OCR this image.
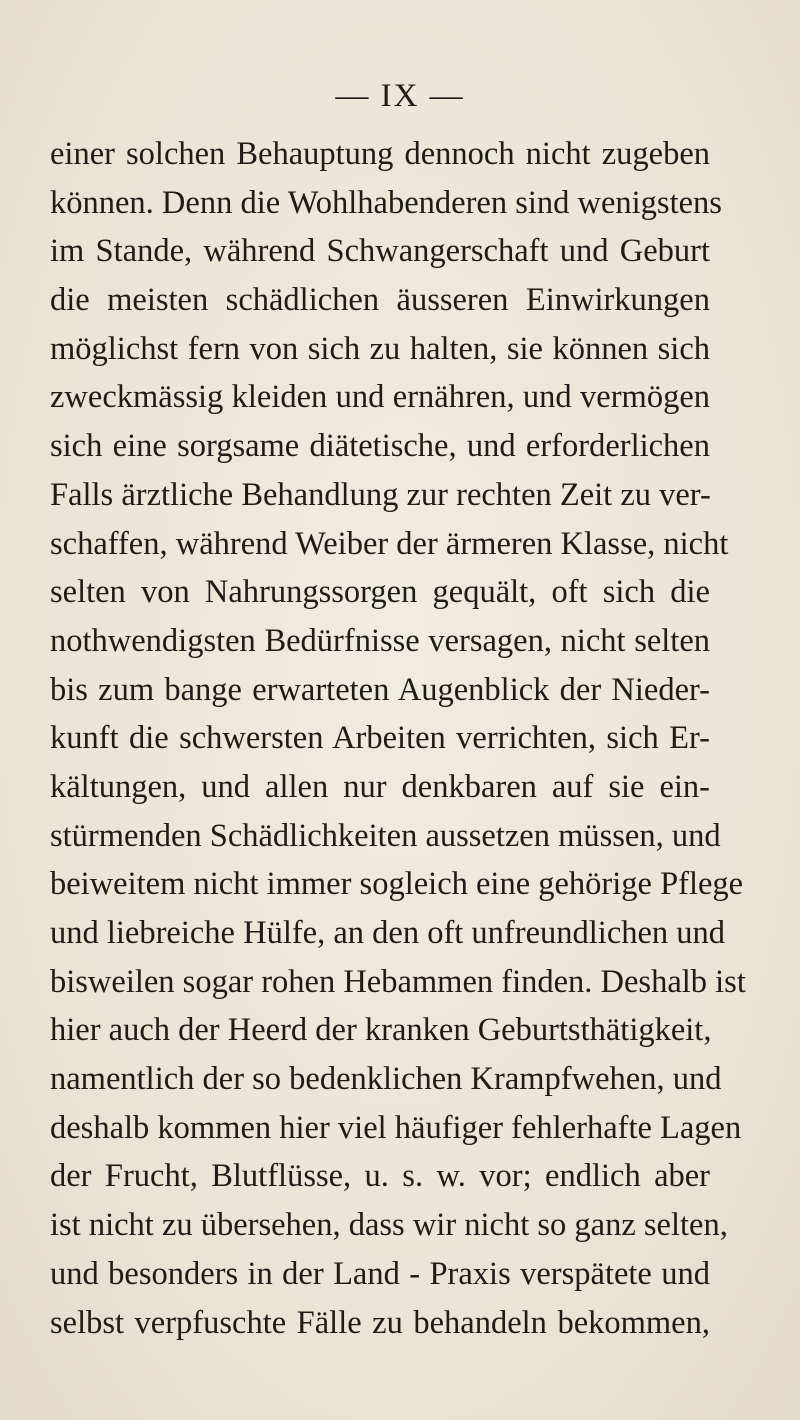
— IX —
einer solchen Behauptung dennoch nicht zugeben
können. Denn die Wohlhabenderen sind wenigstens
im Stande, während Schwangerschaft und Geburt
die meisten schädlichen äusseren Einwirkungen
möglichst fern von sich zu halten, sie können sich
zweckmässig kleiden und ernähren, und vermögen
sich eine sorgsame diätetische, und erforderlichen
Falls ärztliche Behandlung zur rechten Zeit zu ver-
schaffen, während Weiber der ärmeren Klasse, nicht
selten von Nahrungssorgen gequält, oft sich die
nothwendigsten Bedürfnisse versagen, nicht selten
bis zum bange erwarteten Augenblick der Nieder-
kunft die schwersten Arbeiten verrichten, sich Er-
kältungen, und allen nur denkbaren auf sie ein-
stürmenden Schädlichkeiten aussetzen müssen, und
beiweitem nicht immer sogleich eine gehörige Pflege
und liebreiche Hülfe, an den oft unfreundlichen und
bisweilen sogar rohen Hebammen finden. Deshalb ist
hier auch der Heerd der kranken Geburtsthätigkeit,
namentlich der so bedenklichen Krampfwehen, und
deshalb kommen hier viel häufiger fehlerhafte Lagen
der Frucht, Blutflüsse, u. s. w. vor; endlich aber
ist nicht zu übersehen, dass wir nicht so ganz selten,
und besonders in der Land - Praxis verspätete und
selbst verpfuschte Fälle zu behandeln bekommen,
